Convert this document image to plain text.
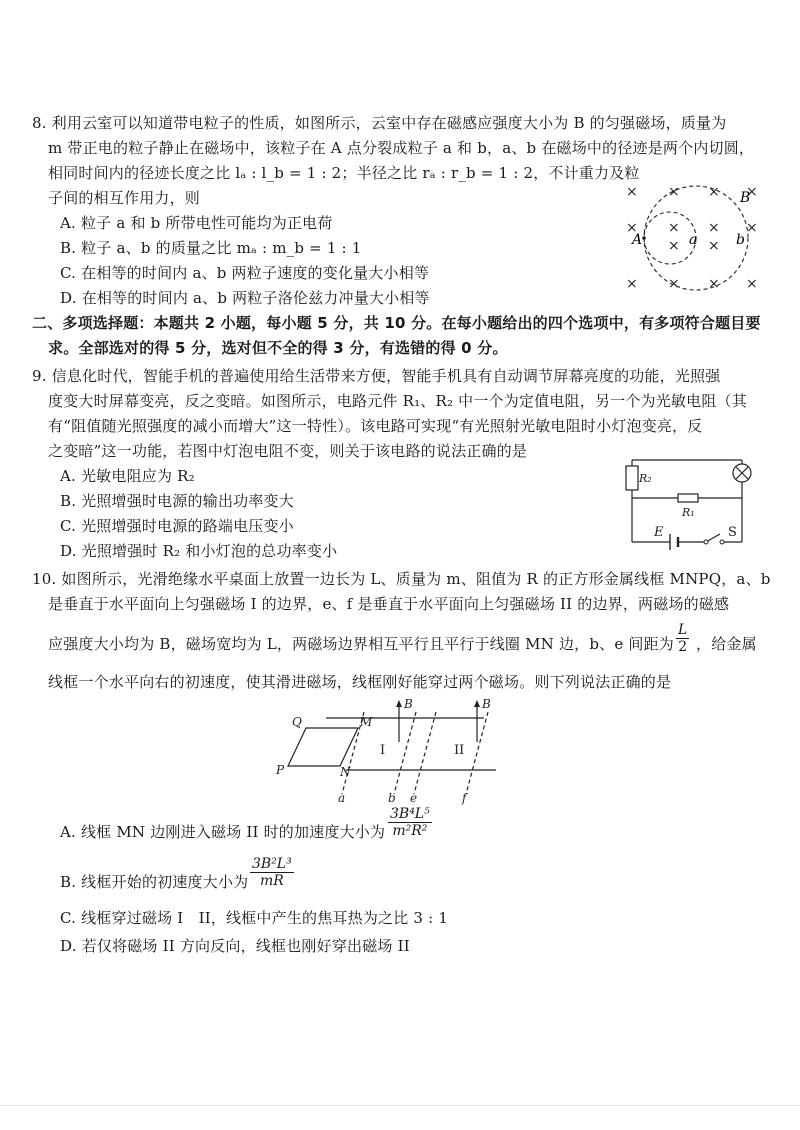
8. 利用云室可以知道带电粒子的性质，如图所示，云室中存在磁感应强度大小为 B 的匀强磁场，质量为
m 带正电的粒子静止在磁场中，该粒子在 A 点分裂成粒子 a 和 b，a、b 在磁场中的径迹是两个内切圆，
相同时间内的径迹长度之比 lₐ : l_b = 1 : 2；半径之比 rₐ : r_b = 1 : 2，不计重力及粒
子间的相互作用力，则
A. 粒子 a 和 b 所带电性可能均为正电荷
B. 粒子 a、b 的质量之比 mₐ : m_b = 1 : 1
C. 在相等的时间内 a、b 两粒子速度的变化量大小相等
D. 在相等的时间内 a、b 两粒子洛伦兹力冲量大小相等
× × × ×
× × × ×
× ×
× × × ×
B
A	a	b
二、多项选择题：本题共 2 小题，每小题 5 分，共 10 分。在每小题给出的四个选项中，有多项符合题目要
求。全部选对的得 5 分，选对但不全的得 3 分，有选错的得 0 分。
9. 信息化时代，智能手机的普遍使用给生活带来方便，智能手机具有自动调节屏幕亮度的功能，光照强
度变大时屏幕变亮，反之变暗。如图所示，电路元件 R₁、R₂ 中一个为定值电阻，另一个为光敏电阻（其
有“阻值随光照强度的减小而增大”这一特性）。该电路可实现“有光照射光敏电阻时小灯泡变亮，反
之变暗”这一功能，若图中灯泡电阻不变，则关于该电路的说法正确的是
A. 光敏电阻应为 R₂
B. 光照增强时电源的输出功率变大
C. 光照增强时电源的路端电压变小
D. 光照增强时 R₂ 和小灯泡的总功率变小
R₂
R₁
E	S
10. 如图所示，光滑绝缘水平桌面上放置一边长为 L、质量为 m、阻值为 R 的正方形金属线框 MNPQ，a、b
是垂直于水平面向上匀强磁场 I 的边界，e、f 是垂直于水平面向上匀强磁场 II 的边界，两磁场的磁感
应强度大小均为 B，磁场宽均为 L，两磁场边界相互平行且平行于线圈 MN 边，b、e 间距为 $\frac{L}{2}$ ，给金属
线框一个水平向右的初速度，使其滑进磁场，线框刚好能穿过两个磁场。则下列说法正确的是
Q	M
P	N
B	B
a	b e	f
I	II
A. 线框 MN 边刚进入磁场 II 时的加速度大小为 $\frac{\text{3B⁴L⁵}}{\text{m²R²}}$
B. 线框开始的初速度大小为 $\frac{\text{3B²L³}}{mR}$
C. 线框穿过磁场 I　II，线框中产生的焦耳热为之比 3 : 1
D. 若仅将磁场 II 方向反向，线框也刚好穿出磁场 II
